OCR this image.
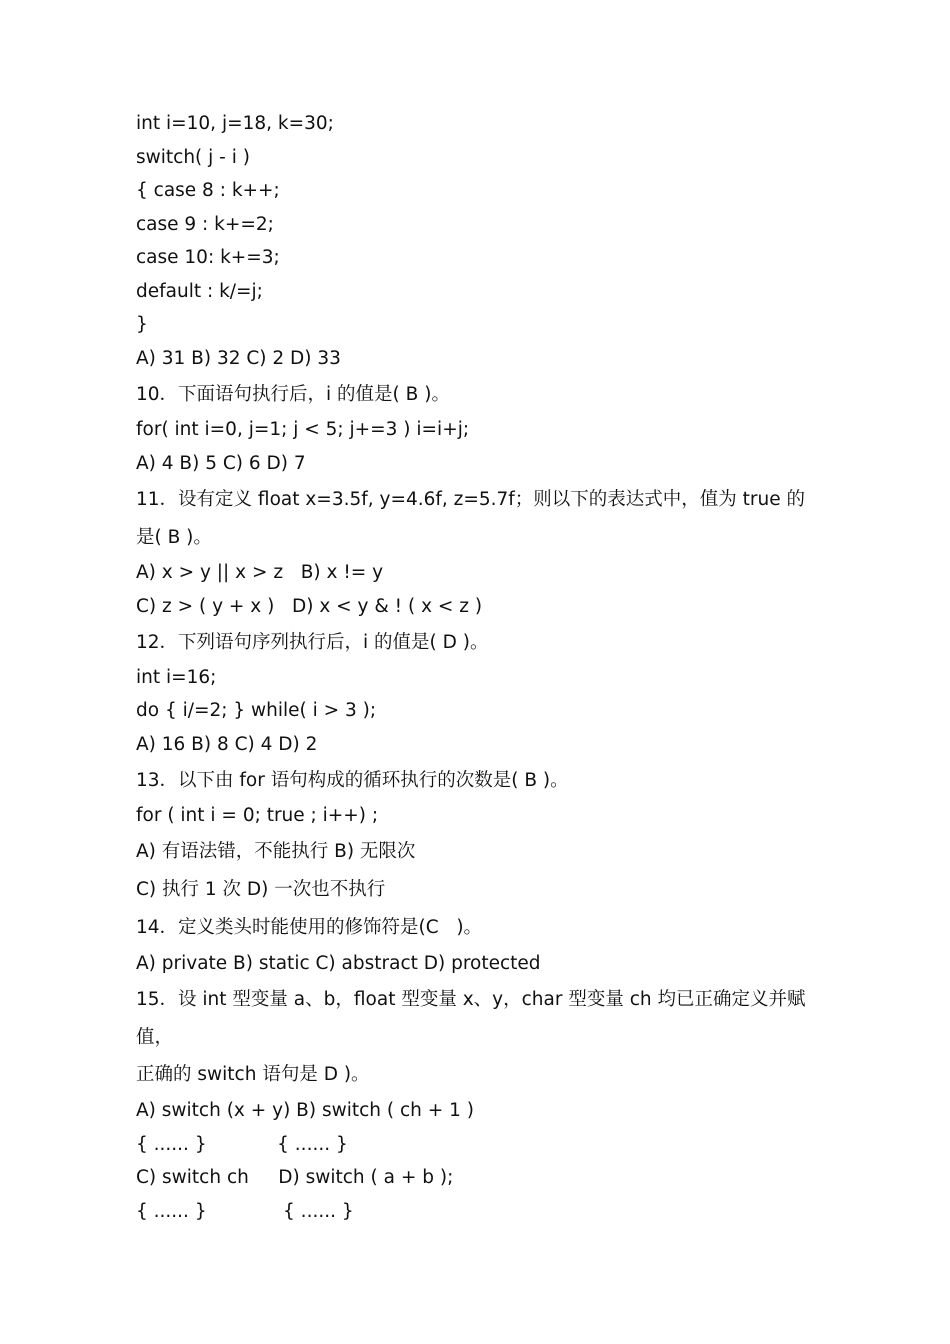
int i=10, j=18, k=30;
switch( j - i )
{ case 8 : k++;
case 9 : k+=2;
case 10: k+=3;
default : k/=j;
}
A) 31 B) 32 C) 2 D) 33
10．下面语句执行后，i 的值是( B )。
for( int i=0, j=1; j < 5; j+=3 ) i=i+j;
A) 4 B) 5 C) 6 D) 7
11．设有定义 float x=3.5f, y=4.6f, z=5.7f；则以下的表达式中，值为 true 的
是( B )。
A) x > y || x > z   B) x != y
C) z > ( y + x )   D) x < y & ! ( x < z )
12．下列语句序列执行后，i 的值是( D )。
int i=16;
do { i/=2; } while( i > 3 );
A) 16 B) 8 C) 4 D) 2
13．以下由 for 语句构成的循环执行的次数是( B )。
for ( int i = 0; true ; i++) ;
A) 有语法错，不能执行 B) 无限次
C) 执行 1 次 D) 一次也不执行
14．定义类头时能使用的修饰符是(C   )。
A) private B) static C) abstract D) protected
15．设 int 型变量 a、b，float 型变量 x、y，char 型变量 ch 均已正确定义并赋
值，
正确的 switch 语句是 D )。
A) switch (x + y) B) switch ( ch + 1 )
{ ...... }            { ...... }
C) switch ch     D) switch ( a + b );
{ ...... }             { ...... }
